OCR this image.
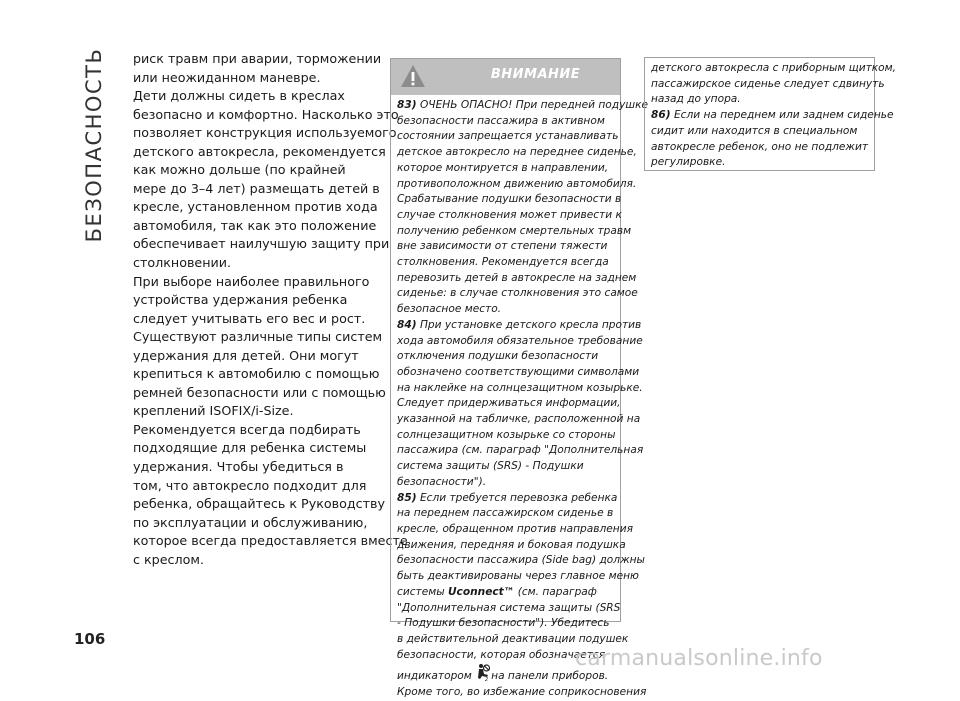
БЕЗОПАСНОСТЬ риск травм при аварии, торможении
или неожиданном маневре.
Дети должны сидеть в креслах
безопасно и комфортно. Насколько это
позволяет конструкция используемого
детского автокресла, рекомендуется
как можно дольше (по крайней
мере до 3–4 лет) размещать детей в
кресле, установленном против хода
автомобиля, так как это положение
обеспечивает наилучшую защиту при
столкновении.
При выборе наиболее правильного
устройства удержания ребенка
следует учитывать его вес и рост.
Существуют различные типы систем
удержания для детей. Они могут
крепиться к автомобилю с помощью
ремней безопасности или с помощью
креплений ISOFIX/i-Size.
Рекомендуется всегда подбирать
подходящие для ребенка системы
удержания. Чтобы убедиться в
том, что автокресло подходит для
ребенка, обращайтесь к Руководству
по эксплуатации и обслуживанию,
которое всегда предоставляется вместе
с креслом.
ВНИМАНИЕ
83) ОЧЕНЬ ОПАСНО! При передней подушке
безопасности пассажира в активном
состоянии запрещается устанавливать
детское автокресло на переднее сиденье,
которое монтируется в направлении,
противоположном движению автомобиля.
Срабатывание подушки безопасности в
случае столкновения может привести к
получению ребенком смертельных травм
вне зависимости от степени тяжести
столкновения. Рекомендуется всегда
перевозить детей в автокресле на заднем
сиденье: в случае столкновения это самое
безопасное место.
84) При установке детского кресла против
хода автомобиля обязательное требование
отключения подушки безопасности
обозначено соответствующими символами
на наклейке на солнцезащитном козырьке.
Следует придерживаться информации,
указанной на табличке, расположенной на
солнцезащитном козырьке со стороны
пассажира (см. параграф "Дополнительная
система защиты (SRS) - Подушки
безопасности").
85) Если требуется перевозка ребенка
на переднем пассажирском сиденье в
кресле, обращенном против направления
движения, передняя и боковая подушка
безопасности пассажира (Side bag) должны
быть деактивированы через главное меню
системы Uconnect™ (см. параграф
"Дополнительная система защиты (SRS
- Подушки безопасности"). Убедитесь
в действительной деактивации подушек
безопасности, которая обозначается
индикатором 2 на панели приборов.
Кроме того, во избежание соприкосновения
детского автокресла с приборным щитком,
пассажирское сиденье следует сдвинуть
назад до упора.
86) Если на переднем или заднем сиденье
сидит или находится в специальном
автокресле ребенок, оно не подлежит
регулировке.
106
carmanualsonline.info
